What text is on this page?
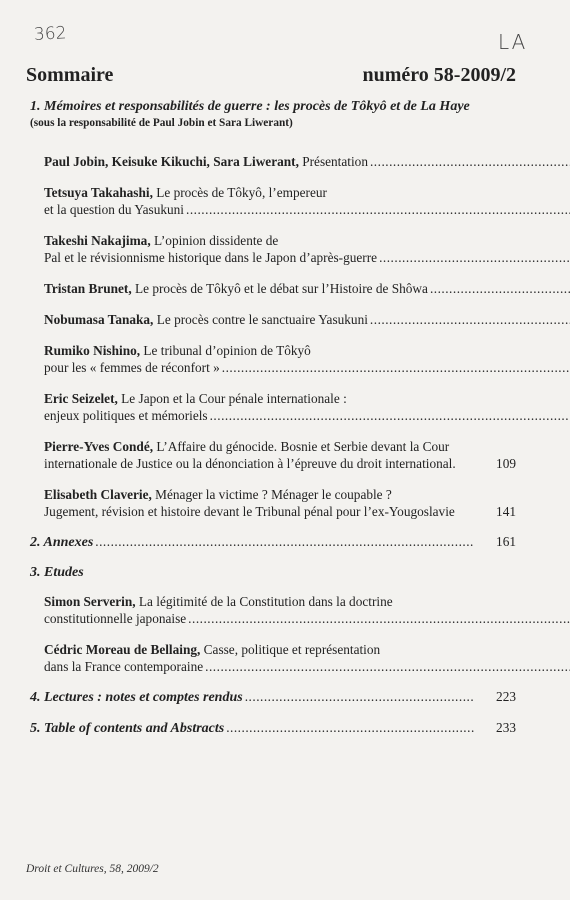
362	LA
Sommaire	numéro 58-2009/2
1. Mémoires et responsabilités de guerre : les procès de Tôkyô et de La Haye
(sous la responsabilité de Paul Jobin et Sara Liwerant)
Paul Jobin, Keisuke Kikuchi, Sara Liwerant, Présentation
.....
Tetsuya Takahashi, Le procès de Tôkyô, l’empereur
et la question du Yasukuni
.....
Takeshi Nakajima, L’opinion dissidente de
Pal et le révisionnisme historique dans le Japon d’après-guerre
.....
Tristan Brunet, Le procès de Tôkyô et le débat sur l’Histoire de Shôwa
.....
Nobumasa Tanaka, Le procès contre le sanctuaire Yasukuni
.....
Rumiko Nishino, Le tribunal d’opinion de Tôkyô
pour les « femmes de réconfort »
.....
Eric Seizelet, Le Japon et la Cour pénale internationale :
enjeux politiques et mémoriels
.....
Pierre-Yves Condé, L’Affaire du génocide. Bosnie et Serbie devant la Cour
internationale de Justice ou la dénonciation à l’épreuve du droit international.	109
Elisabeth Claverie, Ménager la victime ? Ménager le coupable ?
Jugement, révision et histoire devant le Tribunal pénal pour l’ex-Yougoslavie	141
2. Annexes .....	161
3. Etudes
Simon Serverin, La légitimité de la Constitution dans la doctrine
constitutionnelle japonaise
.....
Cédric Moreau de Bellaing, Casse, politique et représentation
dans la France contemporaine
.....
4. Lectures : notes et comptes rendus .....	223
5. Table of contents and Abstracts .....	233
Droit et Cultures, 58, 2009/2
